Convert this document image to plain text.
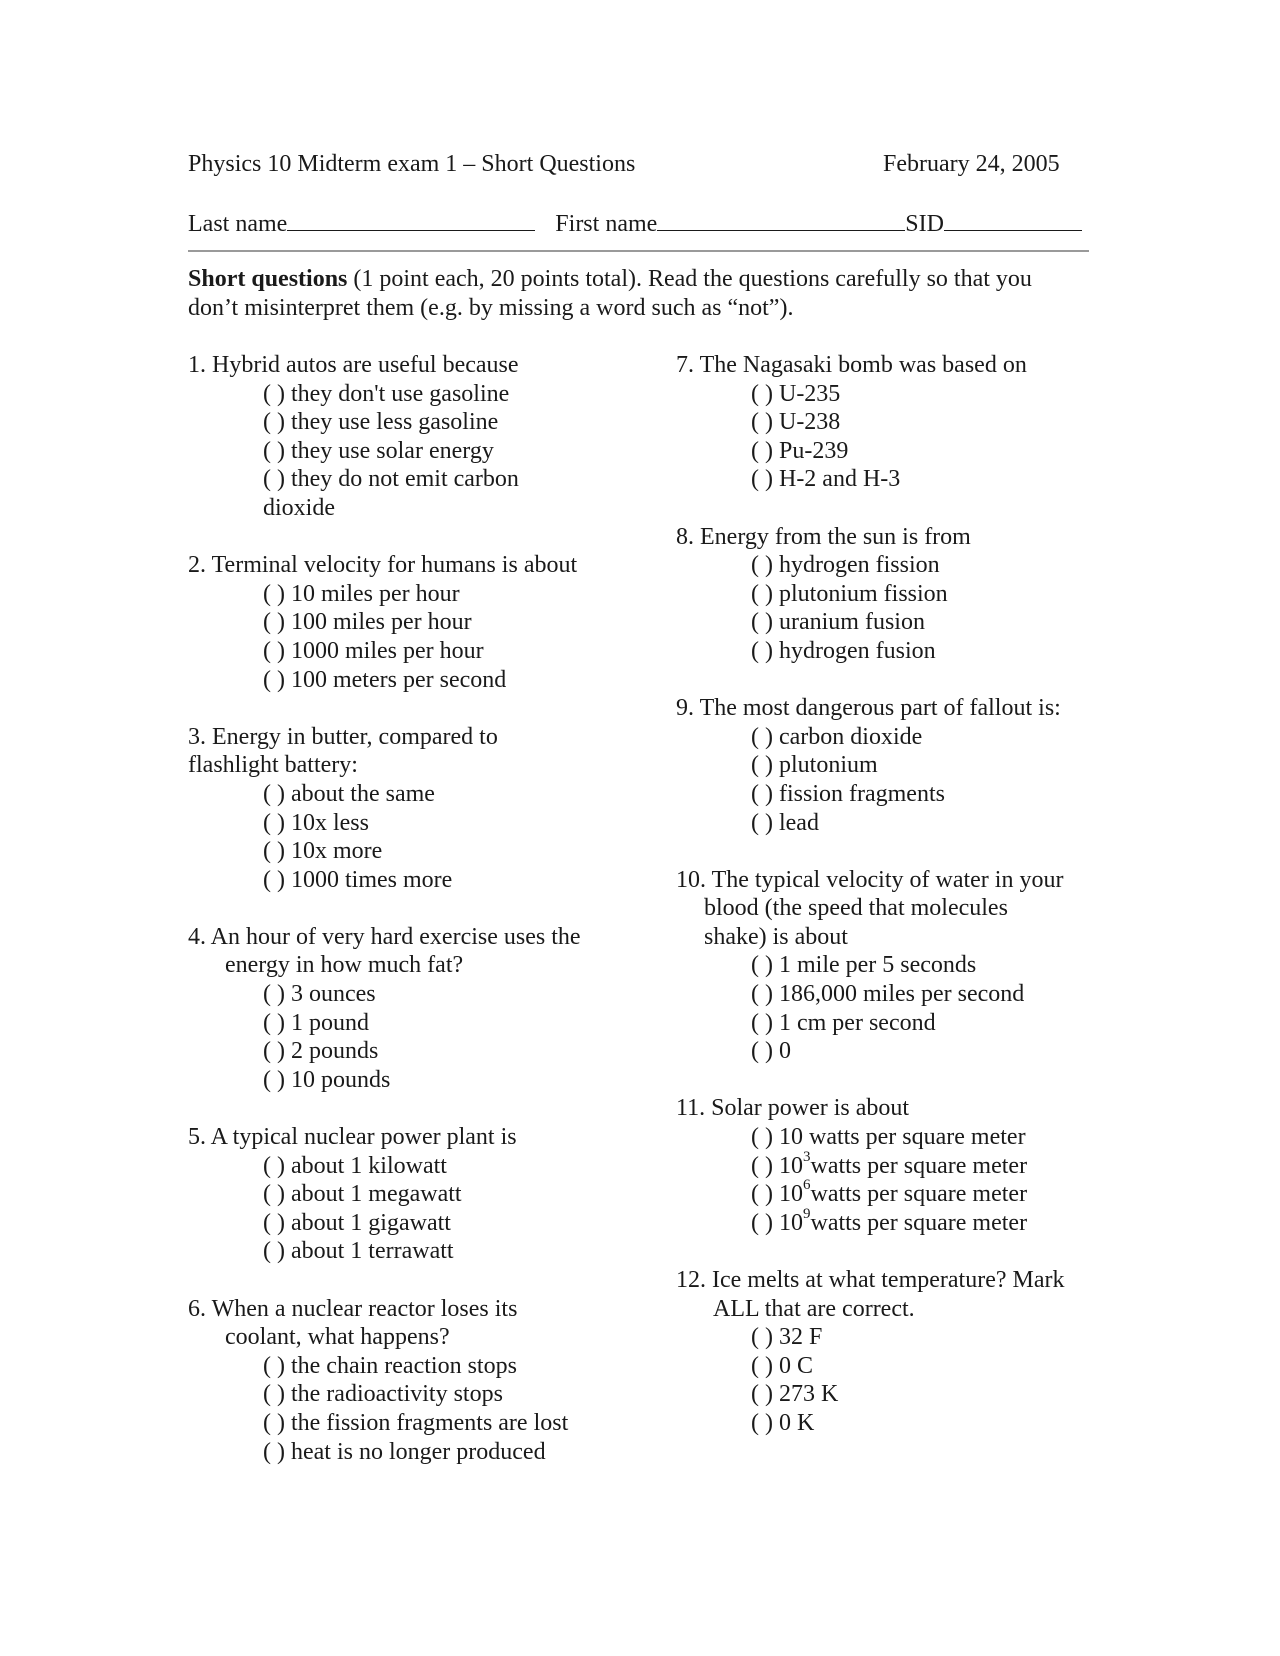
Physics 10 Midterm exam 1 – Short Questions	February 24, 2005
Last name	First name	SID
Short questions (1 point each, 20 points total). Read the questions carefully so that you
don’t misinterpret them (e.g. by missing a word such as “not”).
1. Hybrid autos are useful because
( ) they don't use gasoline
( ) they use less gasoline
( ) they use solar energy
( ) they do not emit carbon dioxide
2. Terminal velocity for humans is about
( ) 10 miles per hour
( ) 100 miles per hour
( ) 1000 miles per hour
( ) 100 meters per second
3. Energy in butter, compared to
flashlight battery:
( ) about the same
( ) 10x less
( ) 10x more
( ) 1000 times more
4. An hour of very hard exercise uses the
energy in how much fat?
( ) 3 ounces
( ) 1 pound
( ) 2 pounds
( ) 10 pounds
5. A typical nuclear power plant is
( ) about 1 kilowatt
( ) about 1 megawatt
( ) about 1 gigawatt
( ) about 1 terrawatt
6. When a nuclear reactor loses its
coolant, what happens?
( ) the chain reaction stops
( ) the radioactivity stops
( ) the fission fragments are lost
( ) heat is no longer produced
7. The Nagasaki bomb was based on
( ) U-235
( ) U-238
( ) Pu-239
( ) H-2 and H-3
8. Energy from the sun is from
( ) hydrogen fission
( ) plutonium fission
( ) uranium fusion
( ) hydrogen fusion
9. The most dangerous part of fallout is:
( ) carbon dioxide
( ) plutonium
( ) fission fragments
( ) lead
10. The typical velocity of water in your
blood (the speed that molecules
shake) is about
( ) 1 mile per 5 seconds
( ) 186,000 miles per second
( ) 1 cm per second
( ) 0
11. Solar power is about
( ) 10 watts per square meter
( ) $10^3watts$ per square meter
( ) $10^6watts$ per square meter
( ) $10^9watts$ per square meter
12. Ice melts at what temperature? Mark
ALL that are correct.
( ) 32 F
( ) 0 C
( ) 273 K
( ) 0 K
